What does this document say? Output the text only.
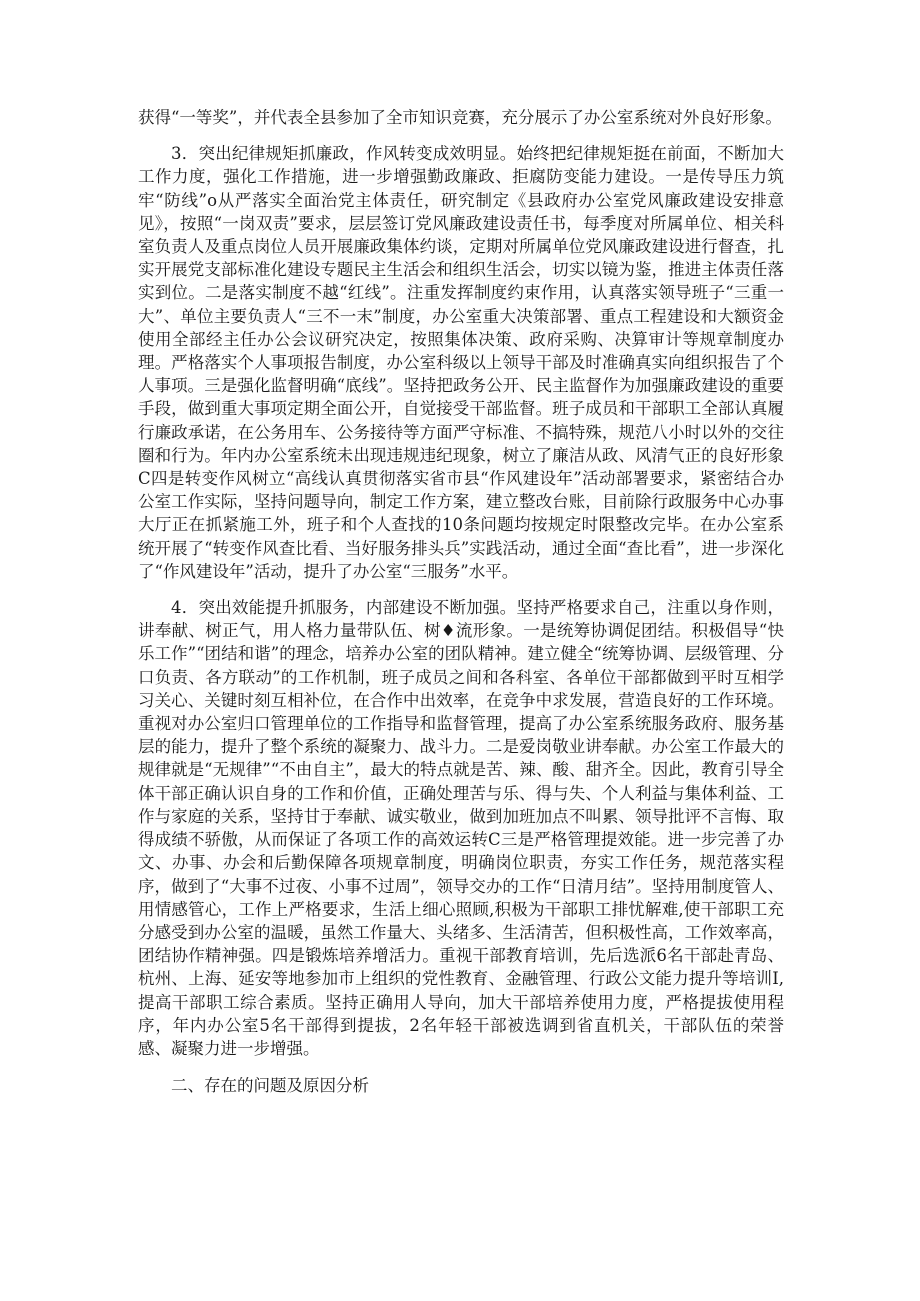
获得“一等奖”，并代表全县参加了全市知识竞赛，充分展示了办公室系统对外良好形象。

3．突出纪律规矩抓廉政，作风转变成效明显。始终把纪律规矩挺在前面，不断加大工作力度，强化工作措施，进一步增强勤政廉政、拒腐防变能力建设。一是传导压力筑牢“防线”o从严落实全面治党主体责任，研究制定《县政府办公室党风廉政建设安排意见》，按照“一岗双责”要求，层层签订党风廉政建设责任书，每季度对所属单位、相关科室负责人及重点岗位人员开展廉政集体约谈，定期对所属单位党风廉政建设进行督查，扎实开展党支部标准化建设专题民主生活会和组织生活会，切实以镜为鉴，推进主体责任落实到位。二是落实制度不越“红线”。注重发挥制度约束作用，认真落实领导班子“三重一大”、单位主要负责人“三不一末”制度，办公室重大决策部署、重点工程建设和大额资金使用全部经主任办公会议研究决定，按照集体决策、政府采购、决算审计等规章制度办理。严格落实个人事项报告制度，办公室科级以上领导干部及时准确真实向组织报告了个人事项。三是强化监督明确“底线”。坚持把政务公开、民主监督作为加强廉政建设的重要手段，做到重大事项定期全面公开，自觉接受干部监督。班子成员和干部职工全部认真履行廉政承诺，在公务用车、公务接待等方面严守标准、不搞特殊，规范八小时以外的交往圈和行为。年内办公室系统未出现违规违纪现象，树立了廉洁从政、风清气正的良好形象C四是转变作风树立“高线认真贯彻落实省市县“作风建设年”活动部署要求，紧密结合办公室工作实际，坚持问题导向，制定工作方案，建立整改台账，目前除行政服务中心办事大厅正在抓紧施工外，班子和个人查找的10条问题均按规定时限整改完毕。在办公室系统开展了“转变作风查比看、当好服务排头兵”实践活动，通过全面“查比看”，进一步深化了“作风建设年”活动，提升了办公室“三服务”水平。

4．突出效能提升抓服务，内部建设不断加强。坚持严格要求自己，注重以身作则，讲奉献、树正气，用人格力量带队伍、树♦流形象。一是统筹协调促团结。积极倡导“快乐工作”“团结和谐”的理念，培养办公室的团队精神。建立健全“统筹协调、层级管理、分口负责、各方联动”的工作机制，班子成员之间和各科室、各单位干部都做到平时互相学习关心、关键时刻互相补位，在合作中出效率，在竞争中求发展，营造良好的工作环境。重视对办公室归口管理单位的工作指导和监督管理，提高了办公室系统服务政府、服务基层的能力，提升了整个系统的凝聚力、战斗力。二是爱岗敬业讲奉献。办公室工作最大的规律就是“无规律”“不由自主”，最大的特点就是苦、辣、酸、甜齐全。因此，教育引导全体干部正确认识自身的工作和价值，正确处理苦与乐、得与失、个人利益与集体利益、工作与家庭的关系，坚持甘于奉献、诚实敬业，做到加班加点不叫累、领导批评不言悔、取得成绩不骄傲，从而保证了各项工作的高效运转C三是严格管理提效能。进一步完善了办文、办事、办会和后勤保障各项规章制度，明确岗位职责，夯实工作任务，规范落实程序，做到了“大事不过夜、小事不过周”，领导交办的工作“日清月结”。坚持用制度管人、用情感管心，工作上严格要求，生活上细心照顾,积极为干部职工排忧解难,使干部职工充分感受到办公室的温暖，虽然工作量大、头绪多、生活清苦，但积极性高，工作效率高，团结协作精神强。四是锻炼培养增活力。重视干部教育培训，先后选派6名干部赴青岛、杭州、上海、延安等地参加市上组织的党性教育、金融管理、行政公文能力提升等培训I,提高干部职工综合素质。坚持正确用人导向，加大干部培养使用力度，严格提拔使用程序，年内办公室5名干部得到提拔，2名年轻干部被选调到省直机关，干部队伍的荣誉感、凝聚力进一步增强。

二、存在的问题及原因分析
